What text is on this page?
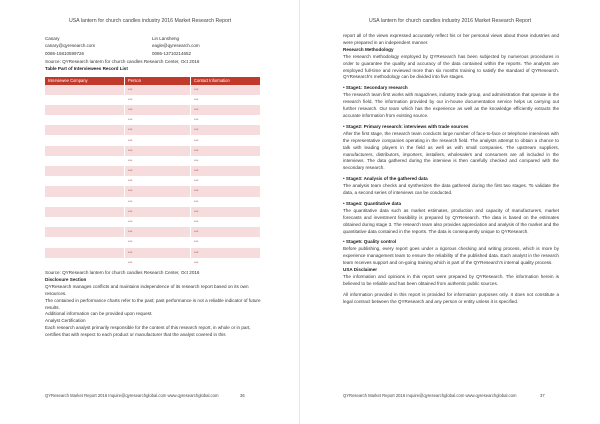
USA lantern for church candles industry 2016 Market Research Report
Canary
canary@qyresearch.com
0086-15810599726
Lin Lansheng
eagle@qyresearch.com
0086-13710214652

Source: QYResearch lantern for church candles Research Center, Oct 2016

Table Part of Interviewees Record List

Interviewee Company	Person	Contact Information
	***	***
	***	***
	***	***
	***	***
	***	***
	***	***
	***	***
	***	***
	***	***
	***	***
	***	***
	***	***
	***	***
	***	***
	***	***
	***	***
	***	***
	***	***

Source: QYResearch lantern for church candles Research Center, Oct 2016

Disclosure Section

QYResearch manages conflicts and maintains independence of its research report based on its own resources.

The contained in performance charts refer to the past; past performance is not a reliable indicator of future results.

Additional information can be provided upon request.

Analyst Certification

Each research analyst primarily responsible for the content of this research report, in whole or in part, certifies that with respect to each product or manufacturer that the analyst covered in this

QYResearch Market Report 2016 Inquire@qyresearchglobal.com www.qyresearchglobal.com	36
USA lantern for church candles industry 2016 Market Research Report

report all of the views expressed accurately reflect his or her personal views about those industries and were prepared in an independent manner.

Research Methodology

The research methodology employed by QYResearch has been subjected by numerous procedures in order to guarantee the quality and accuracy of the data contained within the reports. The analysts are employed full-time and reviewed more than six months training to satisfy the standard of QYResearch. QYResearch's methodology can be divided into five stages.

• Stage1: Secondary research

The research team first works with magazines, industry trade group, and administration that operate in the research field. The information provided by our in-house documentation service helps us carrying out further research. Our team which has the experience as well as the knowledge efficiently extracts the accurate information from existing source.

• Stage2: Primary research: interviews with trade sources

After the first stage, the research team conducts large number of face-to-face or telephone interviews with the representative companies operating in the research field. The analysts attempt to obtain a chance to talk with leading players in the field as well as with small companies. The upstream suppliers, manufacturers, distributors, importers, installers, wholesalers and consumers are all included in the interviews. The data gathered during the interview is then carefully checked and compared with the secondary research.

• Stage3: Analysis of the gathered data

The analysis team checks and synthesizes the data gathered during the first two stages. To validate the data, a second series of interviews can be conducted.

• Stage4: Quantitative data

The quantitative data such as market estimates, production and capacity of manufacturers, market forecasts and investment feasibility is prepared by QYResearch. The data is based on the estimates obtained during stage 3. The research team also provides appreciation and analysis of the market and the quantitative data contained in the reports. The data is consequently unique to QYResearch.

• Stage5: Quality control

Before publishing, every report goes under a rigorous checking and writing process, which is more by experience management team to ensure the reliability of the published data. Each analyst in the research team receives support and on-going training which is part of the QYResearch's internal quality process.

USA Disclaimer

The information and opinions in this report were prepared by QYResearch. The information herein is believed to be reliable and has been obtained from authentic public sources.

All information provided in this report is provided for information purposes only. It does not constitute a legal contract between the QYResearch and any person or entity unless it is specified.

QYResearch Market Report 2016 Inquire@qyresearchglobal.com www.qyresearchglobal.com	37
